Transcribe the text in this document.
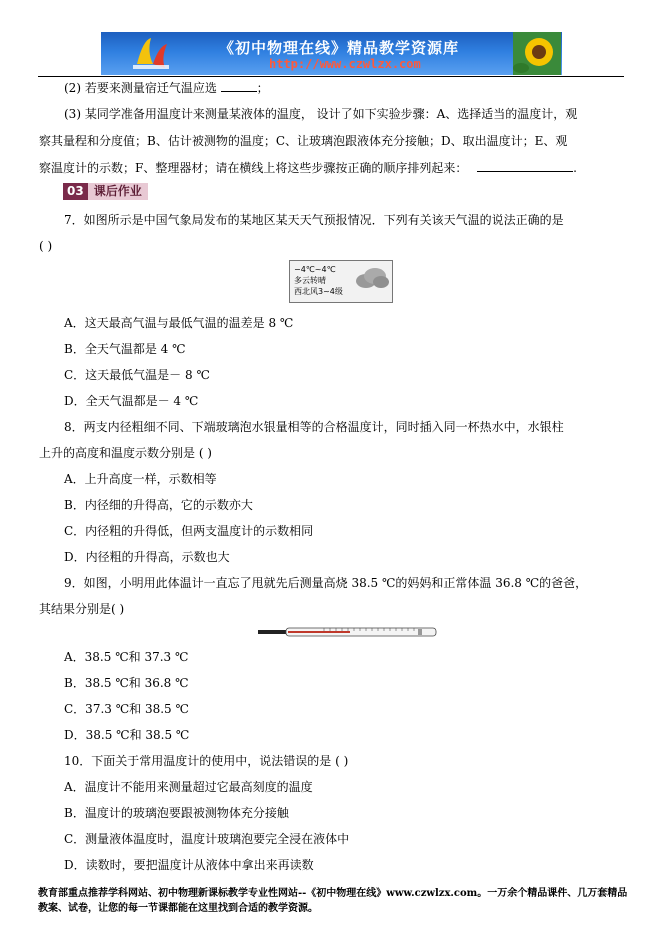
《初中物理在线》精品教学资源库
http://www.czwlzx.com
(2) 若要来测量宿迁气温应选	；
(3) 某同学准备用温度计来测量某液体的温度， 设计了如下实验步骤：A、选择适当的温度计，观
察其量程和分度值；B、估计被测物的温度；C、让玻璃泡跟液体充分接触；D、取出温度计；E、观
察温度计的示数；F、整理器材；请在横线上将这些步骤按正确的顺序排列起来：	.
03 课后作业
7．如图所示是中国气象局发布的某地区某天天气预报情况．下列有关该天气温的说法正确的是
( )
−4℃~4℃
多云转晴
西北风3~4级
A．这天最高气温与最低气温的温差是 8 ℃
B．全天气温都是 4 ℃
C．这天最低气温是－ 8 ℃
D．全天气温都是－ 4 ℃
8．两支内径粗细不同、下端玻璃泡水银量相等的合格温度计，同时插入同一杯热水中，水银柱
上升的高度和温度示数分别是 ( )
A．上升高度一样，示数相等
B．内径细的升得高，它的示数亦大
C．内径粗的升得低，但两支温度计的示数相同
D．内径粗的升得高，示数也大
9．如图，小明用此体温计一直忘了甩就先后测量高烧 38.5 ℃的妈妈和正常体温 36.8 ℃的爸爸，
其结果分别是( )
A．38.5 ℃和 37.3 ℃
B．38.5 ℃和 36.8 ℃
C．37.3 ℃和 38.5 ℃
D．38.5 ℃和 38.5 ℃
10．下面关于常用温度计的使用中，说法错误的是 ( )
A．温度计不能用来测量超过它最高刻度的温度
B．温度计的玻璃泡要跟被测物体充分接触
C．测量液体温度时，温度计玻璃泡要完全浸在液体中
D．读数时，要把温度计从液体中拿出来再读数
教育部重点推荐学科网站、初中物理新课标教学专业性网站--《初中物理在线》www.czwlzx.com。一万余个精品课件、几万套精品教案、试卷，让您的每一节课都能在这里找到合适的教学资源。
